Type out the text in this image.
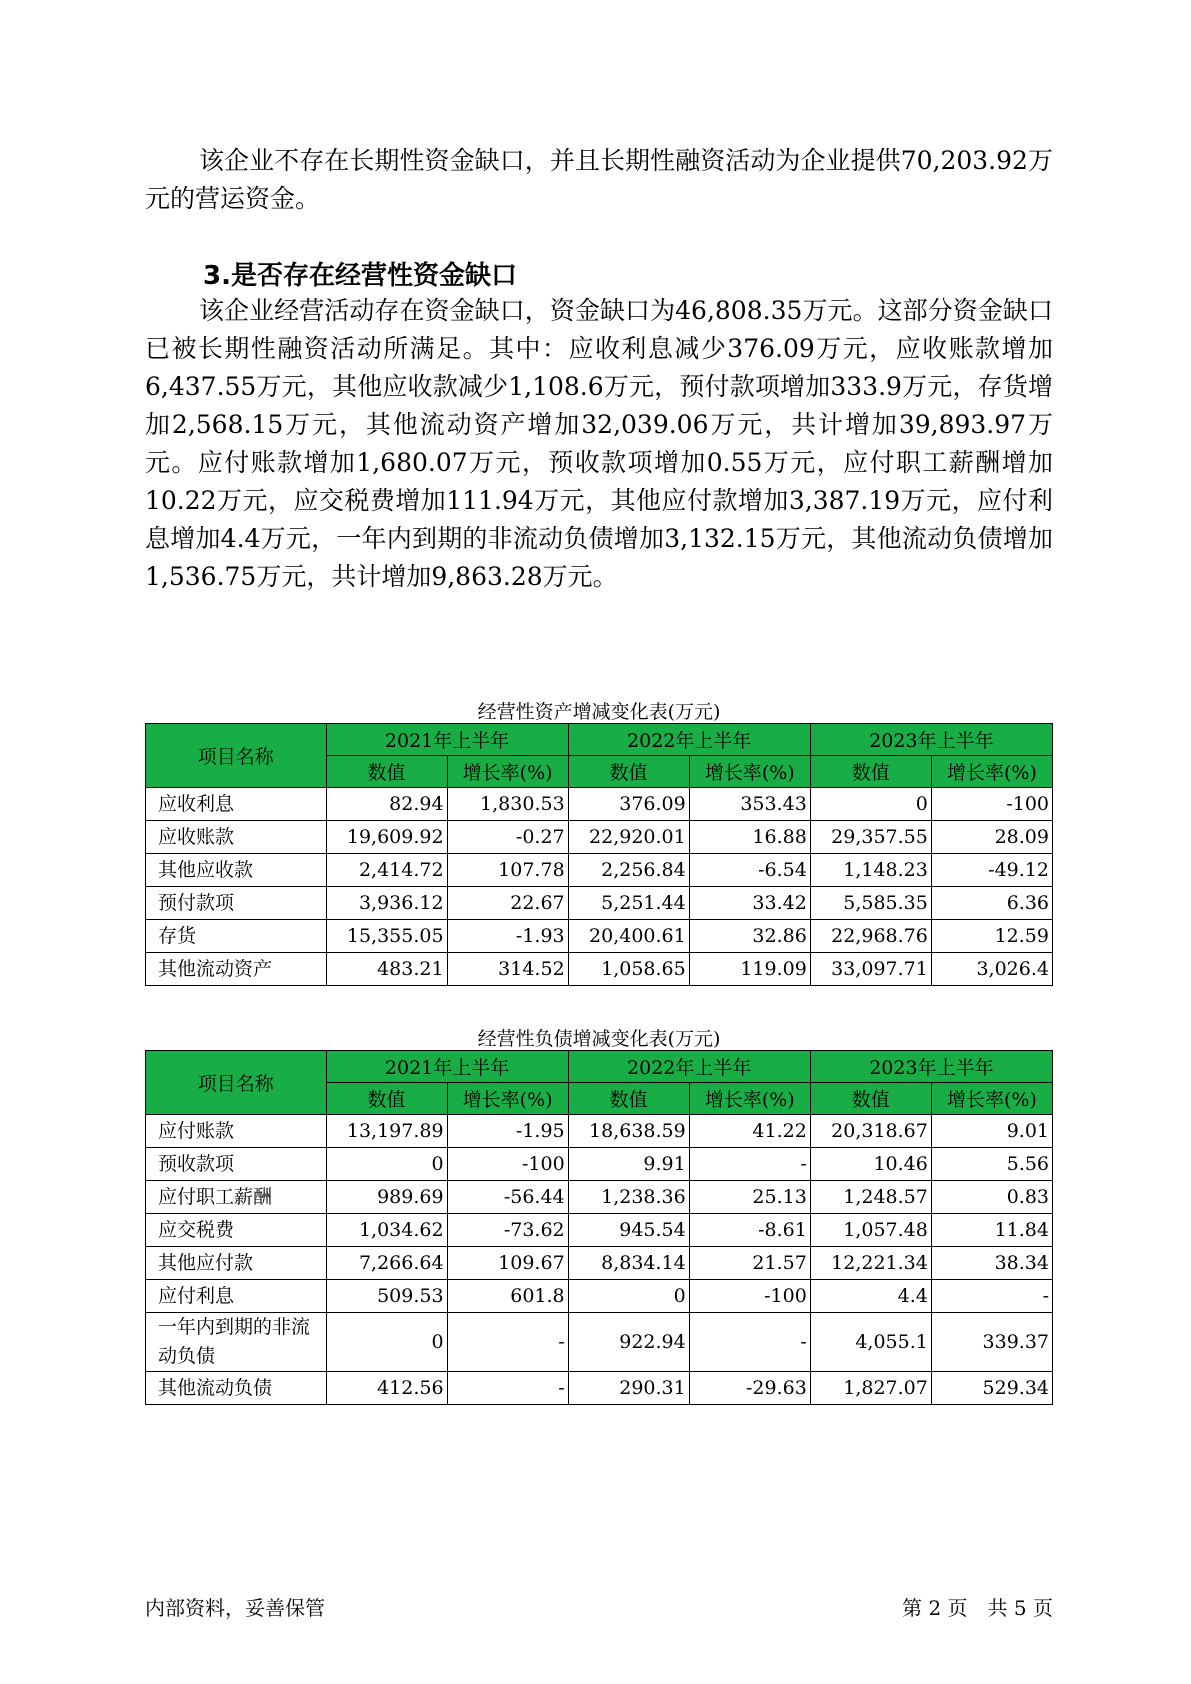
该企业不存在长期性资金缺口，并且长期性融资活动为企业提供70,203.92万元的营运资金。

3.是否存在经营性资金缺口

该企业经营活动存在资金缺口，资金缺口为46,808.35万元。这部分资金缺口已被长期性融资活动所满足。其中：应收利息减少376.09万元，应收账款增加6,437.55万元，其他应收款减少1,108.6万元，预付款项增加333.9万元，存货增加2,568.15万元，其他流动资产增加32,039.06万元，共计增加39,893.97万元。应付账款增加1,680.07万元，预收款项增加0.55万元，应付职工薪酬增加10.22万元，应交税费增加111.94万元，其他应付款增加3,387.19万元，应付利息增加4.4万元，一年内到期的非流动负债增加3,132.15万元，其他流动负债增加1,536.75万元，共计增加9,863.28万元。

经营性资产增减变化表(万元)
项目名称	2021年上半年		2022年上半年		2023年上半年	
	数值	增长率(%)	数值	增长率(%)	数值	增长率(%)
应收利息	82.94	1,830.53	376.09	353.43	0	-100
应收账款	19,609.92	-0.27	22,920.01	16.88	29,357.55	28.09
其他应收款	2,414.72	107.78	2,256.84	-6.54	1,148.23	-49.12
预付款项	3,936.12	22.67	5,251.44	33.42	5,585.35	6.36
存货	15,355.05	-1.93	20,400.61	32.86	22,968.76	12.59
其他流动资产	483.21	314.52	1,058.65	119.09	33,097.71	3,026.4
经营性负债增减变化表(万元)
项目名称	2021年上半年		2022年上半年		2023年上半年	
	数值	增长率(%)	数值	增长率(%)	数值	增长率(%)
应付账款	13,197.89	-1.95	18,638.59	41.22	20,318.67	9.01
预收款项	0	-100	9.91	-	10.46	5.56
应付职工薪酬	989.69	-56.44	1,238.36	25.13	1,248.57	0.83
应交税费	1,034.62	-73.62	945.54	-8.61	1,057.48	11.84
其他应付款	7,266.64	109.67	8,834.14	21.57	12,221.34	38.34
应付利息	509.53	601.8	0	-100	4.4	-
一年内到期的非流动负债	0	-	922.94	-	4,055.1	339.37
其他流动负债	412.56	-	290.31	-29.63	1,827.07	529.34
内部资料，妥善保管	第 2 页　共 5 页
